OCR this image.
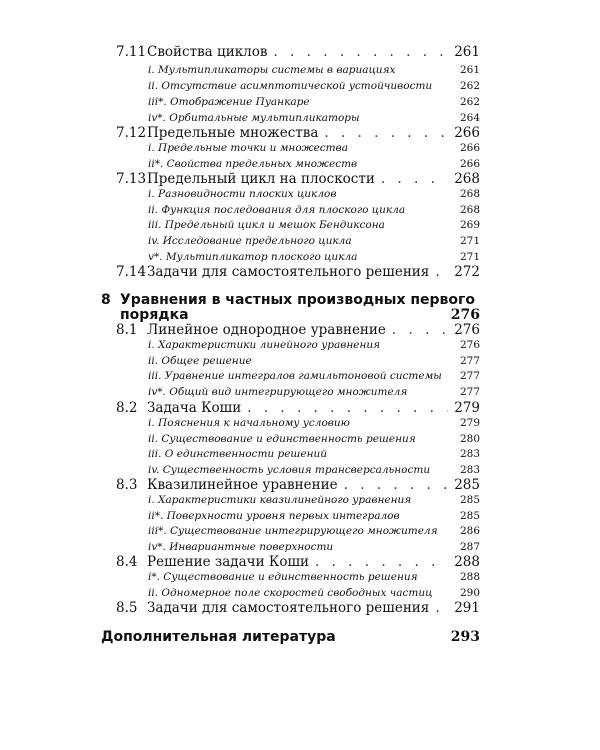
7.11 Свойства циклов . . .	261
i. Мультипликаторы системы в вариациях	261
ii. Отсутствие асимптотической устойчивости	262
iii*. Отображение Пуанкаре	262
iv*. Орбитальные мультипликаторы	264
7.12 Предельные множества . . .	266
i. Предельные точки и множества	266
ii*. Свойства предельных множеств	266
7.13 Предельный цикл на плоскости . . .	268
i. Разновидности плоских циклов	268
ii. Функция последования для плоского цикла	268
iii. Предельный цикл и мешок Бендиксона	269
iv. Исследование предельного цикла	271
v*. Мультипликатор плоского цикла	271
7.14 Задачи для самостоятельного решения . . . 272
8 Уравнения в частных производных первого
порядка	276
8.1 Линейное однородное уравнение . . .	276
i. Характеристики линейного уравнения	276
ii. Общее решение	277
iii. Уравнение интегралов гамильтоновой системы 277
iv*. Общий вид интегрирующего множителя	277
8.2 Задача Коши . . .	279
i. Пояснения к начальному условию	279
ii. Существование и единственность решения	280
iii. О единственности решений	283
iv. Существенность условия трансверсальности	283
8.3 Квазилинейное уравнение . . .	285
i. Характеристики квазилинейного уравнения	285
ii*. Поверхности уровня первых интегралов	285
iii*. Существование интегрирующего множителя 286
iv*. Инвариантные поверхности	287
8.4 Решение задачи Коши . . .	288
i*. Существование и единственность решения	288
ii. Одномерное поле скоростей свободных частиц	290
8.5 Задачи для самостоятельного решения . . . 291
Дополнительная литература	293
